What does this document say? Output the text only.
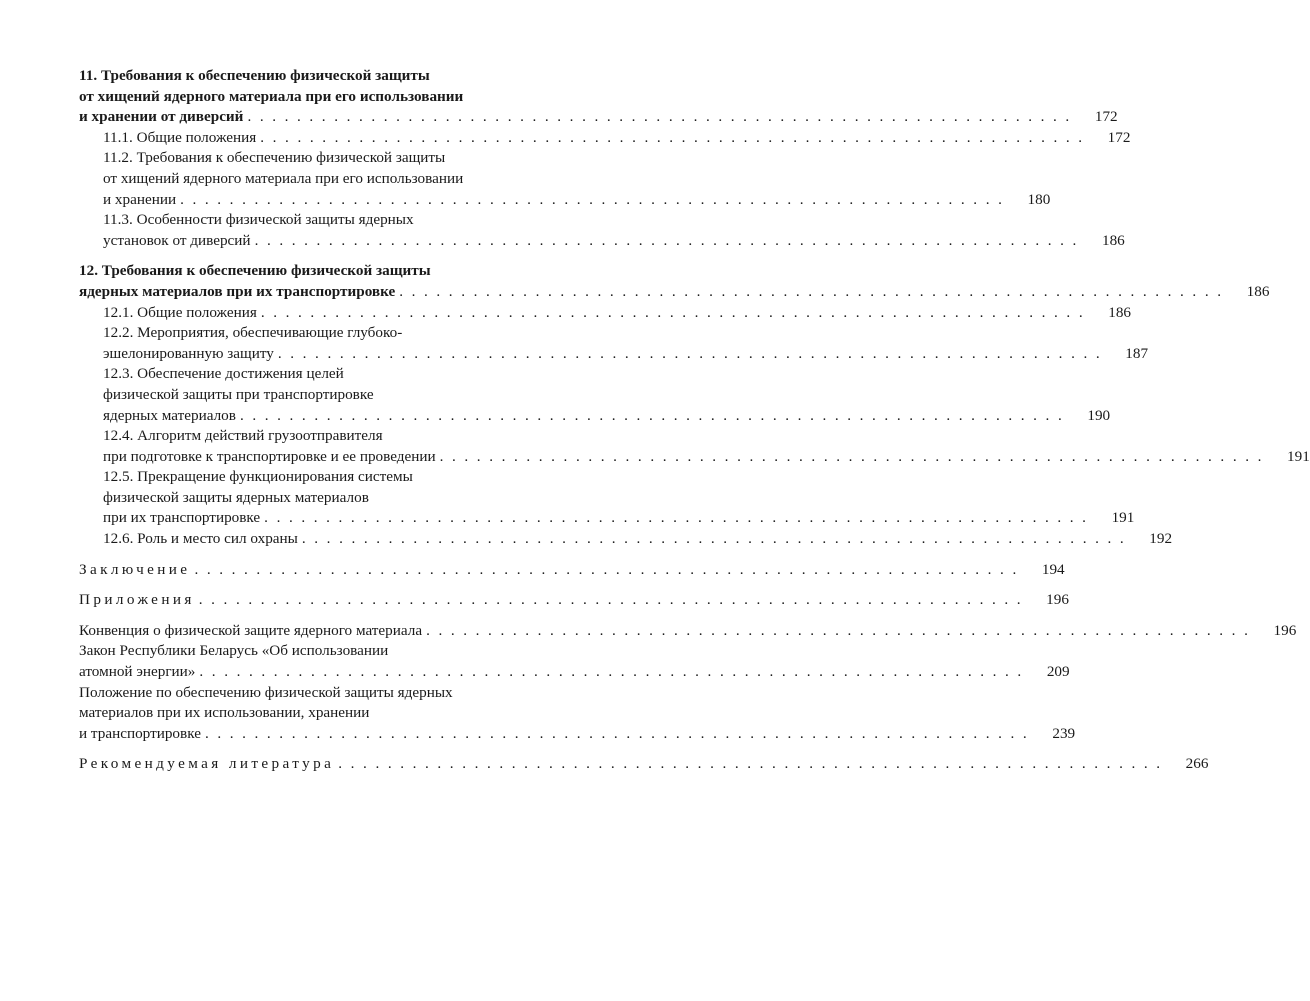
11. Требования к обеспечению физической защиты
от хищений ядерного материала при его использовании
и хранении от диверсий . . . . . . . . . . . . . . . . . . . . . . . . . . . . . . . . . . . . . . . . . . . . . . . . . . . . . . . . . . . . . . . . . . .	172
11.1. Общие положения . . . . . . . . . . . . . . . . . . . . . . . . . . . . . . . . . . . . . . . . . . . . . . . . . . . . . . . . . . . . . . . . . . .	172
11.2. Требования к обеспечению физической защиты
от хищений ядерного материала при его использовании
и хранении . . . . . . . . . . . . . . . . . . . . . . . . . . . . . . . . . . . . . . . . . . . . . . . . . . . . . . . . . . . . . . . . . . .	180
11.3. Особенности физической защиты ядерных
установок от диверсий . . . . . . . . . . . . . . . . . . . . . . . . . . . . . . . . . . . . . . . . . . . . . . . . . . . . . . . . . . . . . . . . . . .	186
12. Требования к обеспечению физической защиты
ядерных материалов при их транспортировке . . . . . . . . . . . . . . . . . . . . . . . . . . . . . . . . . . . . . . . . . . . . . . . . . . . . . . . . . . . . . . . . . . .	186
12.1. Общие положения . . . . . . . . . . . . . . . . . . . . . . . . . . . . . . . . . . . . . . . . . . . . . . . . . . . . . . . . . . . . . . . . . . .	186
12.2. Мероприятия, обеспечивающие глубоко-
эшелонированную защиту . . . . . . . . . . . . . . . . . . . . . . . . . . . . . . . . . . . . . . . . . . . . . . . . . . . . . . . . . . . . . . . . . . .	187
12.3. Обеспечение достижения целей
физической защиты при транспортировке
ядерных материалов . . . . . . . . . . . . . . . . . . . . . . . . . . . . . . . . . . . . . . . . . . . . . . . . . . . . . . . . . . . . . . . . . . .	190
12.4. Алгоритм действий грузоотправителя
при подготовке к транспортировке и ее проведении . . . . . . . . . . . . . . . . . . . . . . . . . . . . . . . . . . . . . . . . . . . . . . . . . . . . . . . . . . . . . . . . . . .	191
12.5. Прекращение функционирования системы
физической защиты ядерных материалов
при их транспортировке . . . . . . . . . . . . . . . . . . . . . . . . . . . . . . . . . . . . . . . . . . . . . . . . . . . . . . . . . . . . . . . . . . .	191
12.6. Роль и место сил охраны . . . . . . . . . . . . . . . . . . . . . . . . . . . . . . . . . . . . . . . . . . . . . . . . . . . . . . . . . . . . . . . . . . .	192
Заключение . . . . . . . . . . . . . . . . . . . . . . . . . . . . . . . . . . . . . . . . . . . . . . . . . . . . . . . . . . . . . . . . . . .	194
Приложения . . . . . . . . . . . . . . . . . . . . . . . . . . . . . . . . . . . . . . . . . . . . . . . . . . . . . . . . . . . . . . . . . . .	196
Конвенция о физической защите ядерного материала . . . . . . . . . . . . . . . . . . . . . . . . . . . . . . . . . . . . . . . . . . . . . . . . . . . . . . . . . . . . . . . . . . .	196
Закон Республики Беларусь «Об использовании
атомной энергии» . . . . . . . . . . . . . . . . . . . . . . . . . . . . . . . . . . . . . . . . . . . . . . . . . . . . . . . . . . . . . . . . . . .	209
Положение по обеспечению физической защиты ядерных
материалов при их использовании, хранении
и транспортировке . . . . . . . . . . . . . . . . . . . . . . . . . . . . . . . . . . . . . . . . . . . . . . . . . . . . . . . . . . . . . . . . . . .	239
Рекомендуемая литература . . . . . . . . . . . . . . . . . . . . . . . . . . . . . . . . . . . . . . . . . . . . . . . . . . . . . . . . . . . . . . . . . . .	266
